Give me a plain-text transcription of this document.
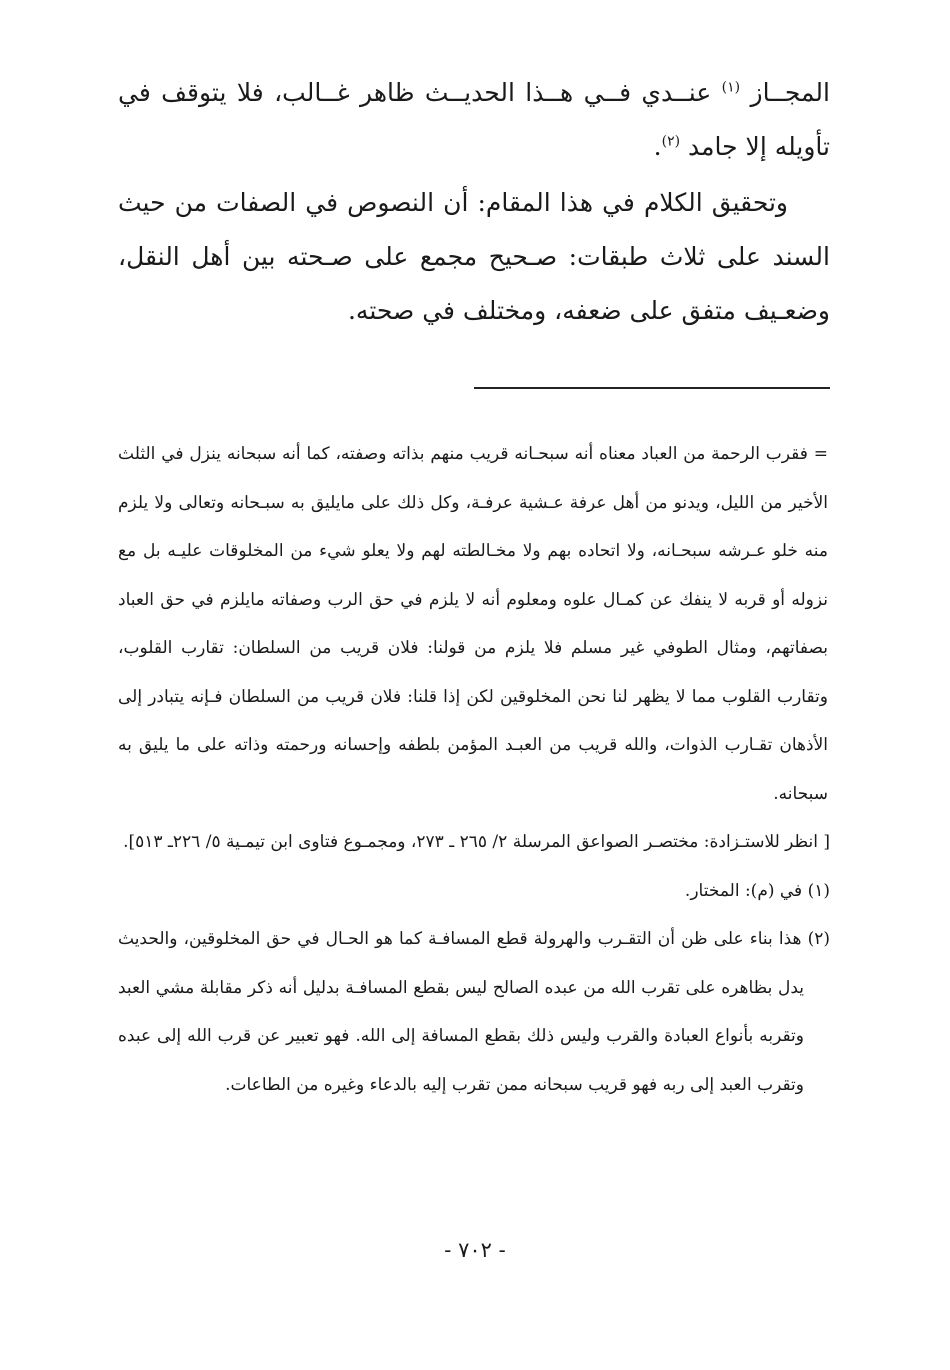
المجــاز $^{(١)}$ عنــدي فــي هــذا الحديــث ظاهر غــالب، فلا يتوقف في تأويله إلا جامد $^{(٢)}$.

وتحقيق الكلام في هذا المقام: أن النصوص في الصفات من حيث السند على ثلاث طبقات: صـحيح مجمع على صـحته بين أهل النقل، وضعـيف متفق على ضعفه، ومختلف في صحته.

= فقرب الرحمة من العباد معناه أنه سبحـانه قريب منهم بذاته وصفته، كما أنه سبحانه ينزل في الثلث الأخير من الليل، ويدنو من أهل عرفة عـشية عرفـة، وكل ذلك على مايليق به سبـحانه وتعالى ولا يلزم منه خلو عـرشه سبحـانه، ولا اتحاده بهم ولا مخـالطته لهم ولا يعلو شيء من المخلوقات عليـه بل مع نزوله أو قربه لا ينفك عن كمـال علوه ومعلوم أنه لا يلزم في حق الرب وصفاته مايلزم في حق العباد بصفاتهم، ومثال الطوفي غير مسلم فلا يلزم من قولنا: فلان قريب من السلطان: تقارب القلوب، وتقارب القلوب مما لا يظهر لنا نحن المخلوقين لكن إذا قلنا: فلان قريب من السلطان فـإنه يتبادر إلى الأذهان تقـارب الذوات، والله قريب من العبـد المؤمن بلطفه وإحسانه ورحمته وذاته على ما يليق به سبحانه.

[ انظر للاستـزادة: مختصـر الصواعق المرسلة ٢/ ٢٦٥ ـ ٢٧٣، ومجمـوع فتاوى ابن تيمـية ٥/ ٢٢٦ـ ٥١٣].

(١) في (م): المختار.

(٢) هذا بناء على ظن أن التقـرب والهرولة قطع المسافـة كما هو الحـال في حق المخلوقين، والحديث يدل بظاهره على تقرب الله من عبده الصالح ليس بقطع المسافـة بدليل أنه ذكر مقابلة مشي العبد وتقربه بأنواع العبادة والقرب وليس ذلك بقطع المسافة إلى الله. فهو تعبير عن قرب الله إلى عبده وتقرب العبد إلى ربه فهو قريب سبحانه ممن تقرب إليه بالدعاء وغيره من الطاعات.

- ٧٠٢ -
